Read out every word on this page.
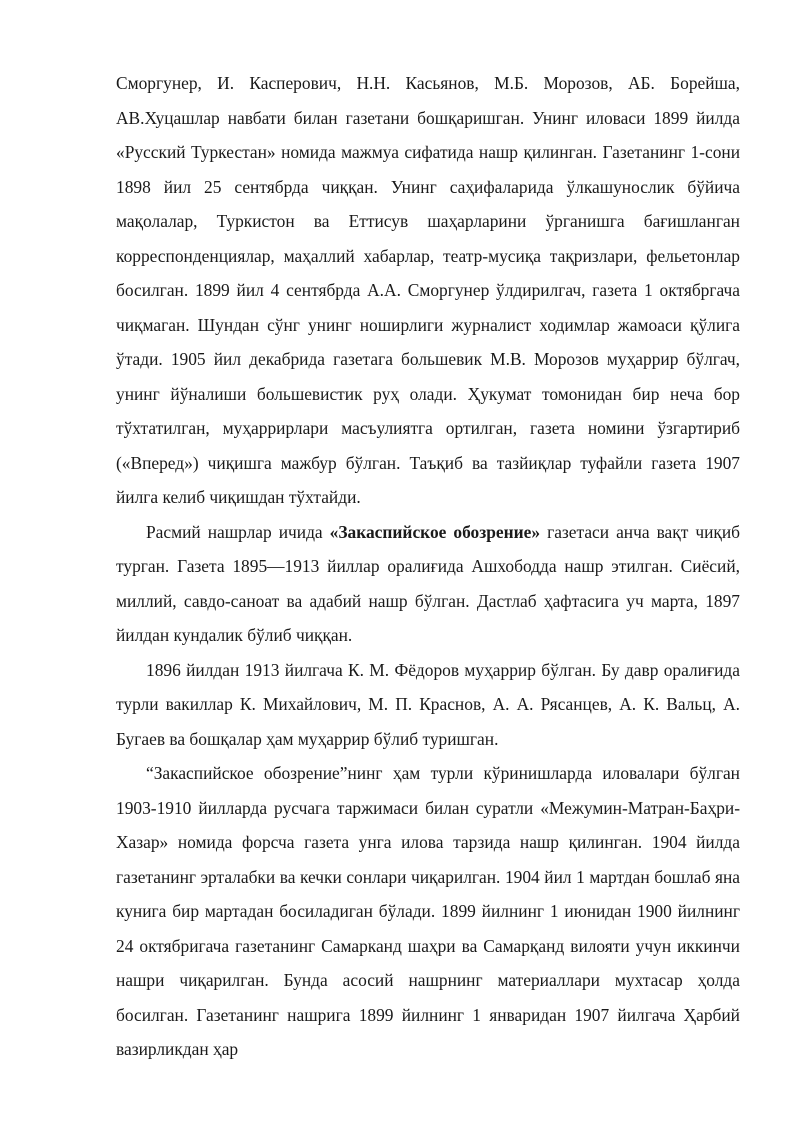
Сморгунер, И. Касперович, Н.Н. Касьянов, М.Б. Морозов, АБ. Борейша, АВ.Хуцашлар навбати билан газетани бошқаришган. Унинг иловаси 1899 йилда «Русский Туркестан» номида мажмуа сифатида нашр қилинган. Газетанинг 1-сони 1898 йил 25 сентябрда чиққан. Унинг саҳифаларида ўлкашунослик бўйича мақолалар, Туркистон ва Еттисув шаҳарларини ўрганишга бағишланган корреспонденциялар, маҳаллий хабарлар, театр-мусиқа тақризлари, фельетонлар босилган. 1899 йил 4 сентябрда А.А. Сморгунер ўлдирилгач, газета 1 октябргача чиқмаган. Шундан сўнг унинг ноширлиги журналист ходимлар жамоаси қўлига ўтади. 1905 йил декабрида газетага большевик М.В. Морозов муҳаррир бўлгач, унинг йўналиши большевистик руҳ олади. Ҳукумат томонидан бир неча бор тўхтатилган, муҳаррирлари масъулиятга ортилган, газета номини ўзгартириб («Вперед») чиқишга мажбур бўлган. Таъқиб ва тазйиқлар туфайли газета 1907 йилга келиб чиқишдан тўхтайди.

Расмий нашрлар ичида «Закаспийское обозрение» газетаси анча вақт чиқиб турган. Газета 1895—1913 йиллар оралиғида Ашхободда нашр этилган. Сиёсий, миллий, савдо-саноат ва адабий нашр бўлган. Дастлаб ҳафтасига уч марта, 1897 йилдан кундалик бўлиб чиққан.

1896 йилдан 1913 йилгача К. М. Фёдоров муҳаррир бўлган. Бу давр оралиғида турли вакиллар К. Михайлович, М. П. Краснов, А. А. Рясанцев, А. К. Вальц, А. Бугаев ва бошқалар ҳам муҳаррир бўлиб туришган.

“Закаспийское обозрение”нинг ҳам турли кўринишларда иловалари бўлган 1903-1910 йилларда русчага таржимаси билан суратли «Межумин-Матран-Баҳри-Хазар» номида форсча газета унга илова тарзида нашр қилинган. 1904 йилда газетанинг эрталабки ва кечки сонлари чиқарилган. 1904 йил 1 мартдан бошлаб яна кунига бир мартадан босиладиган бўлади. 1899 йилнинг 1 июнидан 1900 йилнинг 24 октябригача газетанинг Самарканд шаҳри ва Самарқанд вилояти учун иккинчи нашри чиқарилган. Бунда асосий нашрнинг материаллари мухтасар ҳолда босилган. Газетанинг нашрига 1899 йилнинг 1 январидан 1907 йилгача Ҳарбий вазирликдан ҳар
